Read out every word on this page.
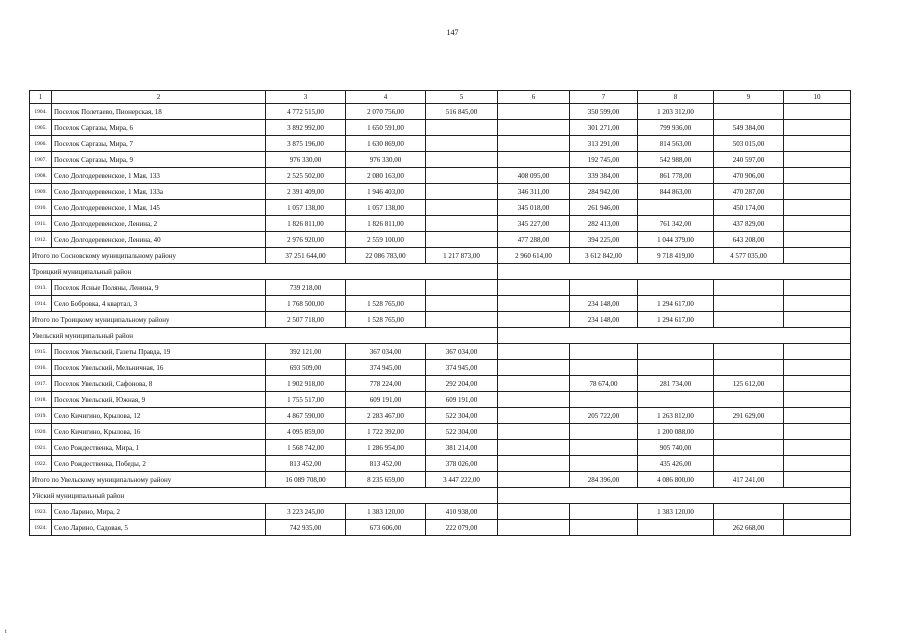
147
1	2	3	4	5	6	7	8	9	10
1904.	Поселок Полетаево, Пионерская, 18	4 772 515,00	2 070 756,00	516 845,00		350 599,00	1 203 312,00		
1905.	Поселок Саргазы, Мира, 6	3 892 992,00	1 650 591,00			301 271,00	799 936,00	549 384,00	
1906.	Поселок Саргазы, Мира, 7	3 875 196,00	1 630 869,00			313 291,00	814 563,00	503 015,00	
1907.	Поселок Саргазы, Мира, 9	976 330,00	976 330,00			192 745,00	542 988,00	240 597,00	
1908.	Село Долгодеревенское, 1 Мая, 133	2 525 502,00	2 080 163,00		408 095,00	339 384,00	861 778,00	470 906,00	
1909.	Село Долгодеревенское, 1 Мая, 133а	2 391 409,00	1 946 403,00		346 311,00	284 942,00	844 863,00	470 287,00	
1910.	Село Долгодеревенское, 1 Мая, 145	1 057 138,00	1 057 138,00		345 018,00	261 946,00		450 174,00	
1911.	Село Долгодеревенское, Ленина, 2	1 826 811,00	1 826 811,00		345 227,00	282 413,00	761 342,00	437 829,00	
1912.	Село Долгодеревенское, Ленина, 40	2 976 920,00	2 559 100,00		477 288,00	394 225,00	1 044 379,00	643 208,00	
Итого по Сосновскому муниципальному району		37 251 644,00	22 086 783,00	1 217 873,00	2 960 614,00	3 612 842,00	9 718 419,00	4 577 035,00	
Троицкий муниципальный район									
1913.	Поселок Ясные Поляны, Ленина, 9	739 218,00							
1914.	Село Бобровка, 4 квартал, 3	1 768 500,00	1 528 765,00			234 148,00	1 294 617,00		
Итого по Троицкому муниципальному району		2 507 718,00	1 528 765,00			234 148,00	1 294 617,00		
Увельский муниципальный район									
1915.	Поселок Увельский, Газеты Правда, 19	392 121,00	367 034,00	367 034,00					
1916.	Поселок Увельский, Мельничная, 16	693 509,00	374 945,00	374 945,00					
1917.	Поселок Увельский, Сафонова, 8	1 902 918,00	778 224,00	292 204,00		78 674,00	281 734,00	125 612,00	
1918.	Поселок Увельский, Южная, 9	1 755 517,00	609 191,00	609 191,00					
1919.	Село Кичигино, Крылова, 12	4 867 590,00	2 283 467,00	522 304,00		205 722,00	1 263 812,00	291 629,00	
1920.	Село Кичигино, Крылова, 16	4 095 859,00	1 722 392,00	522 304,00			1 200 088,00		
1921.	Село Рождественка, Мира, 1	1 568 742,00	1 286 954,00	381 214,00			905 740,00		
1922.	Село Рождественка, Победы, 2	813 452,00	813 452,00	378 026,00			435 426,00		
Итого по Увельскому муниципальному району		16 089 708,00	8 235 659,00	3 447 222,00		284 396,00	4 086 800,00	417 241,00	
Уйский муниципальный район									
1923.	Село Ларино, Мира, 2	3 223 245,00	1 383 120,00	410 938,00			1 383 120,00		
1924.	Село Ларино, Садовая, 5	742 935,00	673 606,00	222 079,00				262 668,00	
t
